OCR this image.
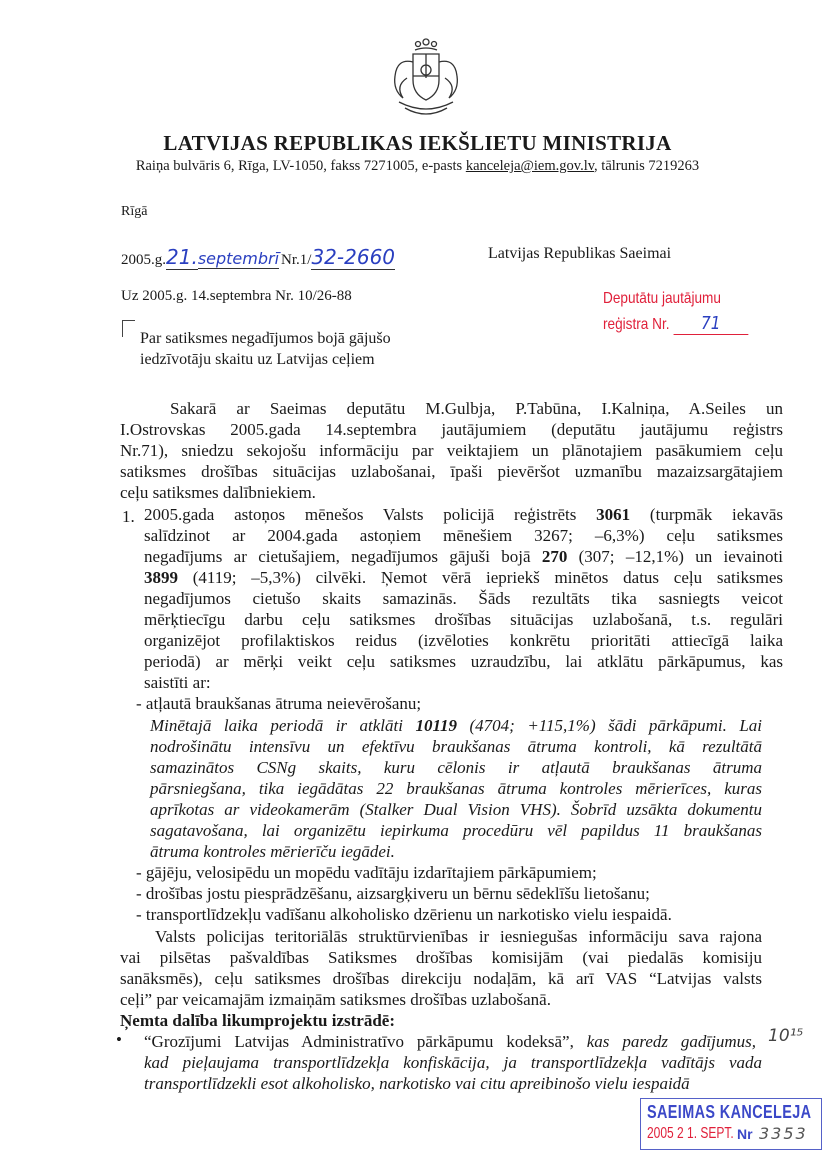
LATVIJAS REPUBLIKAS IEKŠLIETU MINISTRIJA
Raiņa bulvāris 6, Rīga, LV-1050, fakss 7271005, e-pasts kanceleja@iem.gov.lv, tālrunis 7219263
Rīgā
2005.g.21.septembrī Nr.1/32-2660	Latvijas Republikas Saeimai
Uz 2005.g. 14.septembra Nr. 10/26-88	Deputātu jautājumu
reģistra Nr. 71
Par satiksmes negadījumos bojā gājušo
iedzīvotāju skaitu uz Latvijas ceļiem
Sakarā ar Saeimas deputātu M.Gulbja, P.Tabūna, I.Kalniņa, A.Seiles un
I.Ostrovskas 2005.gada 14.septembra jautājumiem (deputātu jautājumu reģistrs
Nr.71), sniedzu sekojošu informāciju par veiktajiem un plānotajiem pasākumiem ceļu
satiksmes drošības situācijas uzlabošanai, īpaši pievēršot uzmanību mazaizsargātajiem
ceļu satiksmes dalībniekiem.
2005.gada astoņos mēnešos Valsts policijā reģistrēts 3061 (turpmāk iekavās
salīdzinot ar 2004.gada astoņiem mēnešiem 3267; –6,3%) ceļu satiksmes
negadījums ar cietušajiem, negadījumos gājuši bojā 270 (307; –12,1%) un ievainoti
3899 (4119; –5,3%) cilvēki. Ņemot vērā iepriekš minētos datus ceļu satiksmes
negadījumos cietušo skaits samazinās. Šāds rezultāts tika sasniegts veicot
mērķtiecīgu darbu ceļu satiksmes drošības situācijas uzlabošanā, t.s. regulāri
organizējot profilaktiskos reidus (izvēloties konkrētu prioritāti attiecīgā laika
periodā) ar mērķi veikt ceļu satiksmes uzraudzību, lai atklātu pārkāpumus, kas
saistīti ar:
- atļautā braukšanas ātruma neievērošanu;
Minētajā laika periodā ir atklāti 10119 (4704; +115,1%) šādi pārkāpumi. Lai
nodrošinātu intensīvu un efektīvu braukšanas ātruma kontroli, kā rezultātā
samazinātos CSNg skaits, kuru cēlonis ir atļautā braukšanas ātruma
pārsniegšana, tika iegādātas 22 braukšanas ātruma kontroles mērierīces, kuras
aprīkotas ar videokamerām (Stalker Dual Vision VHS). Šobrīd uzsākta dokumentu
sagatavošana, lai organizētu iepirkuma procedūru vēl papildus 11 braukšanas
ātruma kontroles mērierīču iegādei.
- gājēju, velosipēdu un mopēdu vadītāju izdarītajiem pārkāpumiem;
- drošības jostu piesprādzēšanu, aizsargķiveru un bērnu sēdeklīšu lietošanu;
- transportlīdzekļu vadīšanu alkoholisko dzērienu un narkotisko vielu iespaidā.
Valsts policijas teritoriālās struktūrvienības ir iesniegušas informāciju sava rajona
vai pilsētas pašvaldības Satiksmes drošības komisijām (vai piedalās komisiju
sanāksmēs), ceļu satiksmes drošības direkciju nodaļām, kā arī VAS “Latvijas valsts
ceļi” par veicamajām izmaiņām satiksmes drošības uzlabošanā.
Ņemta dalība likumprojektu izstrādē:
“Grozījumi Latvijas Administratīvo pārkāpumu kodeksā”, kas paredz gadījumus,
kad pieļaujama transportlīdzekļa konfiskācija, ja transportlīdzekļa vadītājs vada
transportlīdzekli esot alkoholisko, narkotisko vai citu apreibinošo vielu iespaidā
1.
•	10¹⁵
SAEIMAS KANCELEJA
2005 2 1. SEPT. Nr 3353
